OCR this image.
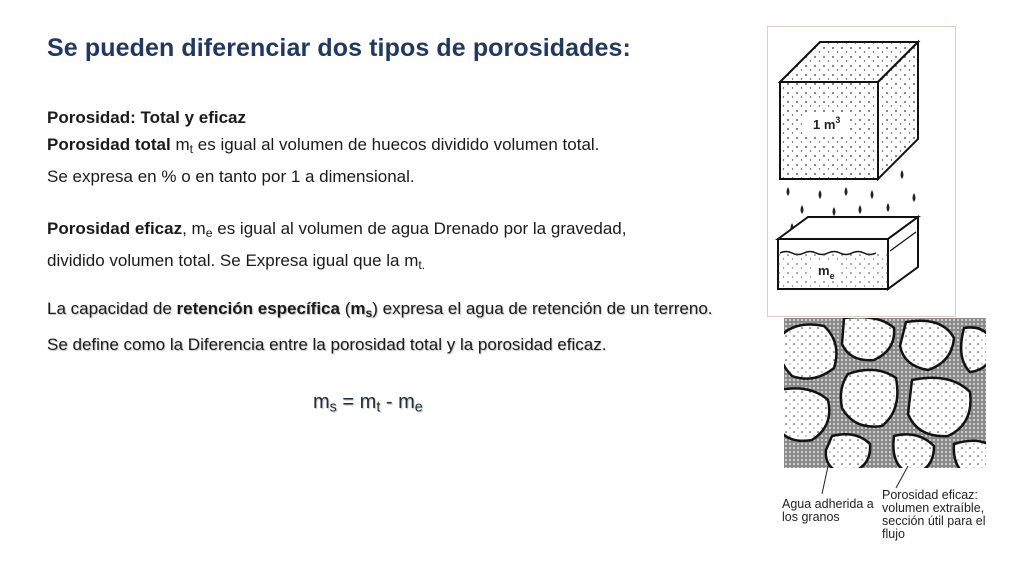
Se pueden diferenciar dos tipos de porosidades:
Porosidad: Total y eficaz
Porosidad total $m_t$ es igual al volumen de huecos dividido volumen total.
Se expresa en % o en tanto por 1 a dimensional.
Porosidad eficaz, $m_e$ es igual al volumen de agua Drenado por la gravedad,
dividido volumen total. Se Expresa igual que la $m_{t.}$
La capacidad de retención específica $(m_s)$ expresa el agua de retención de un terreno. Se define como la Diferencia entre la porosidad total y la porosidad eficaz.
$m_s = m_t - m_e$
1 $m^3$
$m_e$
Agua adherida a los granos
Porosidad eficaz: volumen extraíble, sección útil para el flujo
